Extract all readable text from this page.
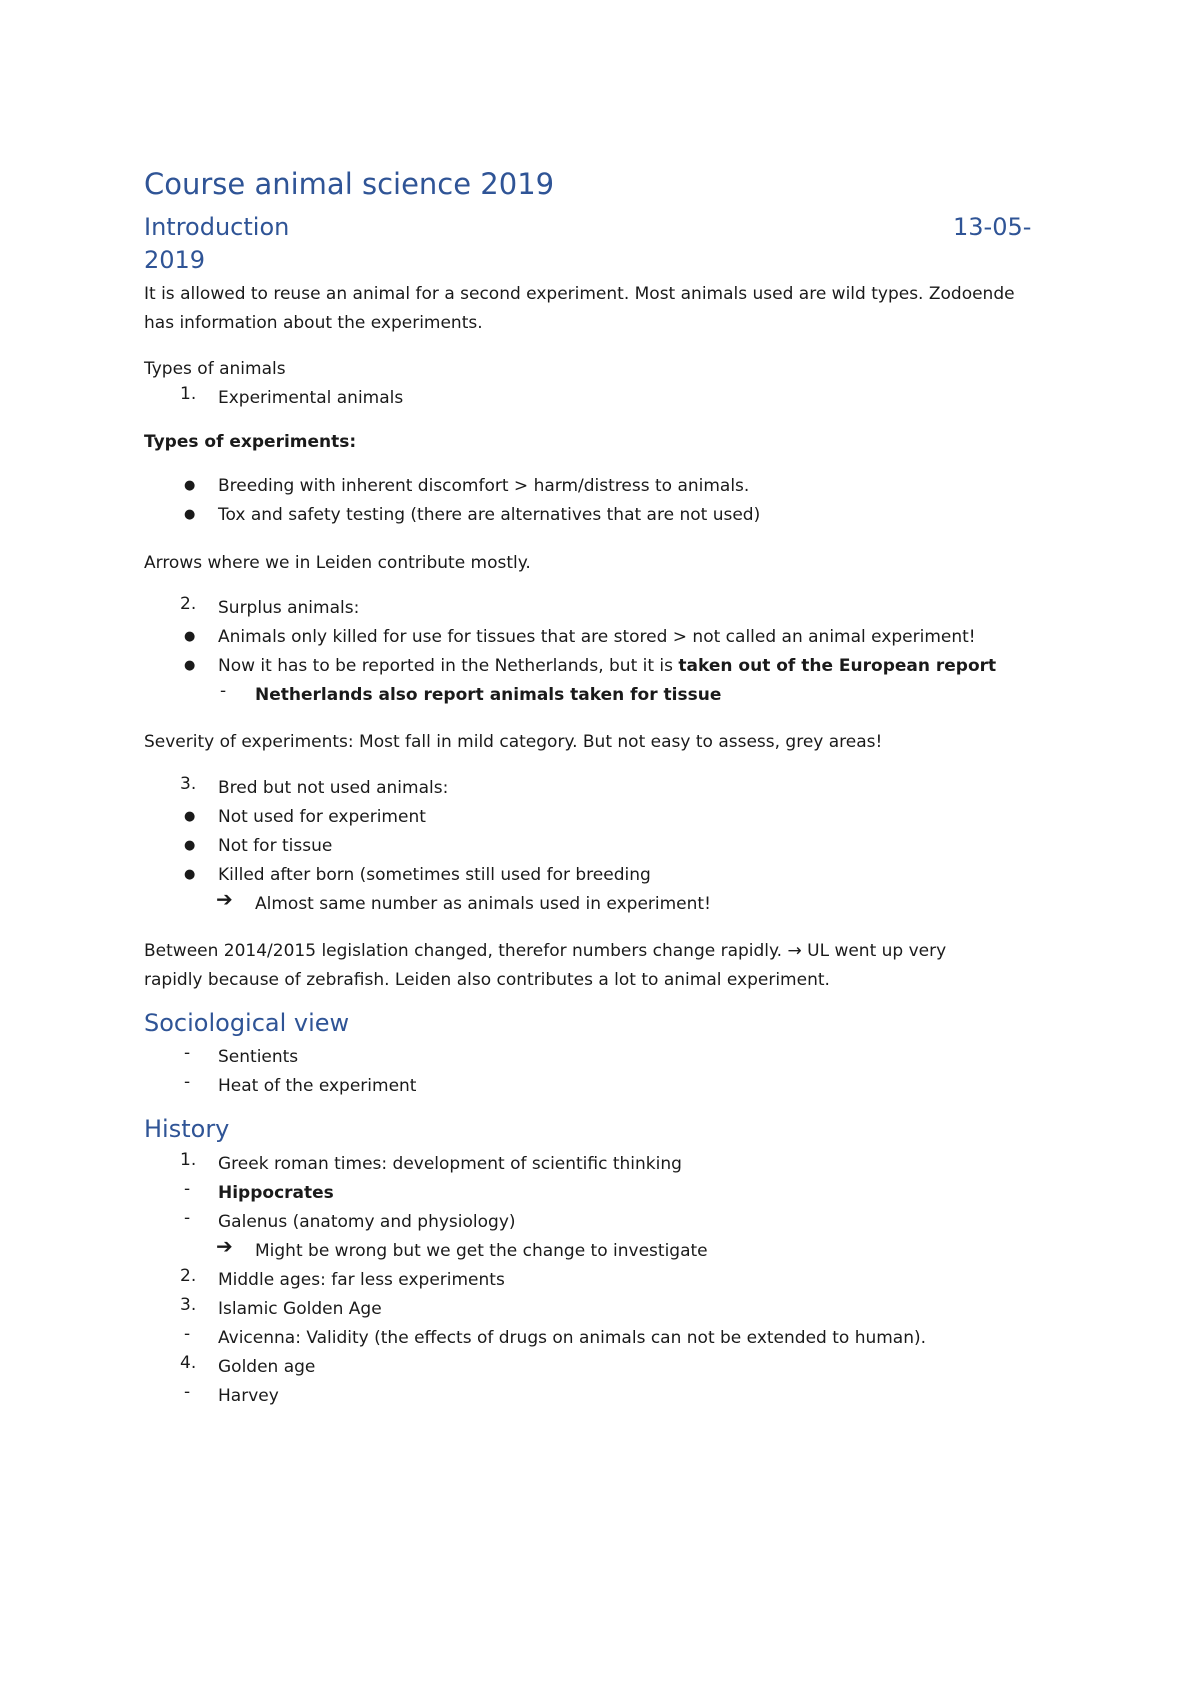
Course animal science 2019
Introduction	13-05-
2019
It is allowed to reuse an animal for a second experiment. Most animals used are wild types. Zodoende
has information about the experiments.
Types of animals
1. Experimental animals
Types of experiments:
● Breeding with inherent discomfort > harm/distress to animals.
● Tox and safety testing (there are alternatives that are not used)
Arrows where we in Leiden contribute mostly.
2. Surplus animals:
● Animals only killed for use for tissues that are stored > not called an animal experiment!
● Now it has to be reported in the Netherlands, but it is taken out of the European report
- Netherlands also report animals taken for tissue
Severity of experiments: Most fall in mild category. But not easy to assess, grey areas!
3. Bred but not used animals:
● Not used for experiment
● Not for tissue
● Killed after born (sometimes still used for breeding
➔ Almost same number as animals used in experiment!
Between 2014/2015 legislation changed, therefor numbers change rapidly. → UL went up very
rapidly because of zebrafish. Leiden also contributes a lot to animal experiment.
Sociological view
- Sentients
- Heat of the experiment
History
1. Greek roman times: development of scientific thinking
- Hippocrates
- Galenus (anatomy and physiology)
➔ Might be wrong but we get the change to investigate
2. Middle ages: far less experiments
3. Islamic Golden Age
- Avicenna: Validity (the effects of drugs on animals can not be extended to human).
4. Golden age
- Harvey
